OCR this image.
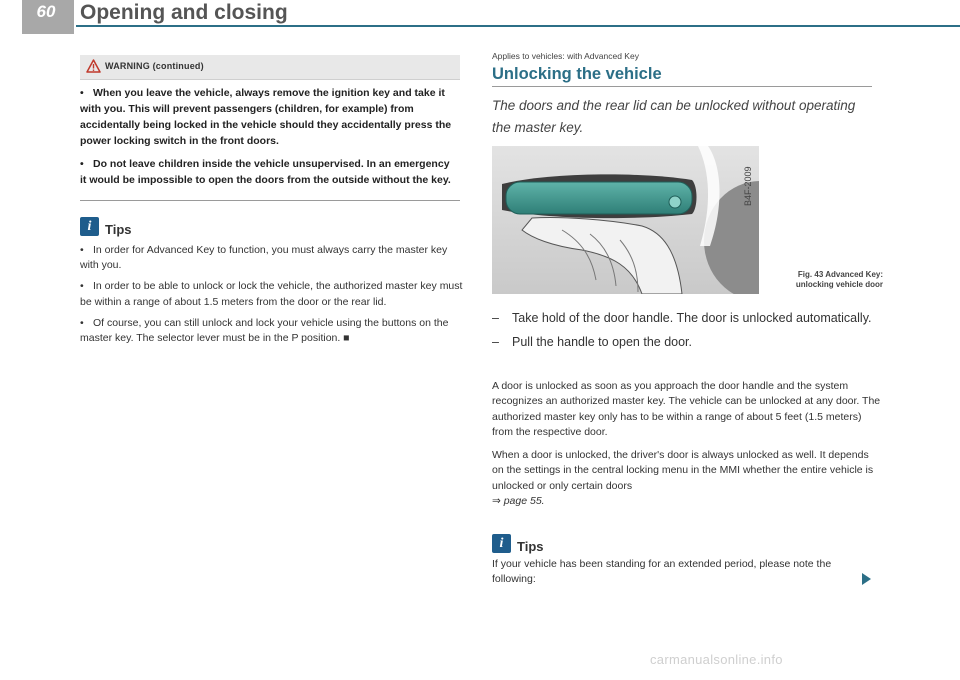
60	Opening and closing
WARNING (continued)

• When you leave the vehicle, always remove the ignition key and take it with you. This will prevent passengers (children, for example) from accidentally being locked in the vehicle should they accidentally press the power locking switch in the front doors.

• Do not leave children inside the vehicle unsupervised. In an emergency it would be impossible to open the doors from the outside without the key.

i	Tips

• In order for Advanced Key to function, you must always carry the master key with you.

• In order to be able to unlock or lock the vehicle, the authorized master key must be within a range of about 1.5 meters from the door or the rear lid.

• Of course, you can still unlock and lock your vehicle using the buttons on the master key. The selector lever must be in the P position. ■

Applies to vehicles: with Advanced Key
Unlocking the vehicle

The doors and the rear lid can be unlocked without operating the master key.

B4F-2009
Fig. 43 Advanced Key: unlocking vehicle door

– Take hold of the door handle. The door is unlocked automatically.

– Pull the handle to open the door.

A door is unlocked as soon as you approach the door handle and the system recognizes an authorized master key. The vehicle can be unlocked at any door. The authorized master key only has to be within a range of about 5 feet (1.5 meters) from the respective door.

When a door is unlocked, the driver's door is always unlocked as well. It depends on the settings in the central locking menu in the MMI whether the entire vehicle is unlocked or only certain doors
⇒ page 55.

i	Tips

If your vehicle has been standing for an extended period, please note the following:

carmanualsonline.info
